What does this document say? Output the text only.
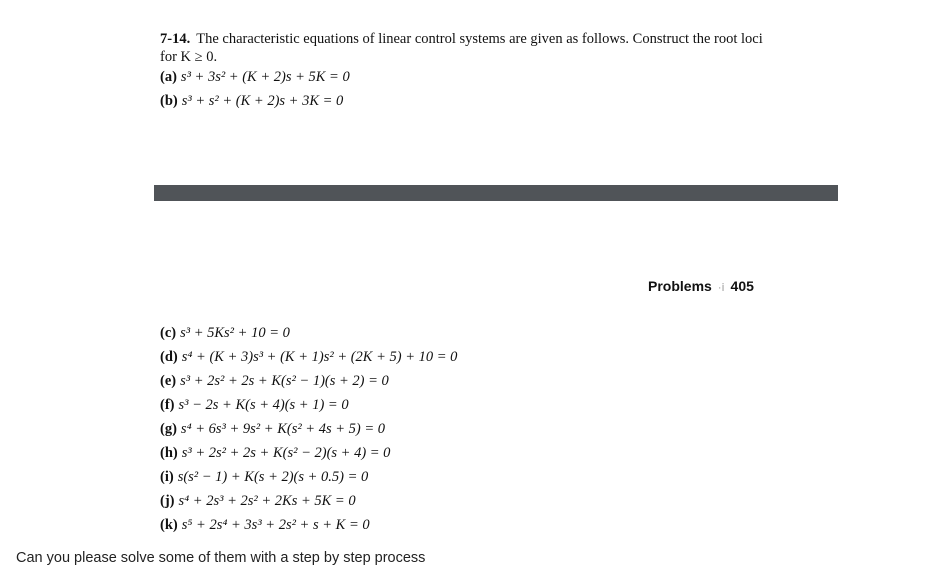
7-14. The characteristic equations of linear control systems are given as follows. Construct the root loci for K ≥ 0.
(a) s³ + 3s² + (K + 2)s + 5K = 0
(b) s³ + s² + (K + 2)s + 3K = 0
Problems ·ⅰ 405
(c) s³ + 5Ks² + 10 = 0
(d) s⁴ + (K + 3)s³ + (K + 1)s² + (2K + 5) + 10 = 0
(e) s³ + 2s² + 2s + K(s² − 1)(s + 2) = 0
(f) s³ − 2s + K(s + 4)(s + 1) = 0
(g) s⁴ + 6s³ + 9s² + K(s² + 4s + 5) = 0
(h) s³ + 2s² + 2s + K(s² − 2)(s + 4) = 0
(i) s(s² − 1) + K(s + 2)(s + 0.5) = 0
(j) s⁴ + 2s³ + 2s² + 2Ks + 5K = 0
(k) s⁵ + 2s⁴ + 3s³ + 2s² + s + K = 0
Can you please solve some of them with a step by step process
